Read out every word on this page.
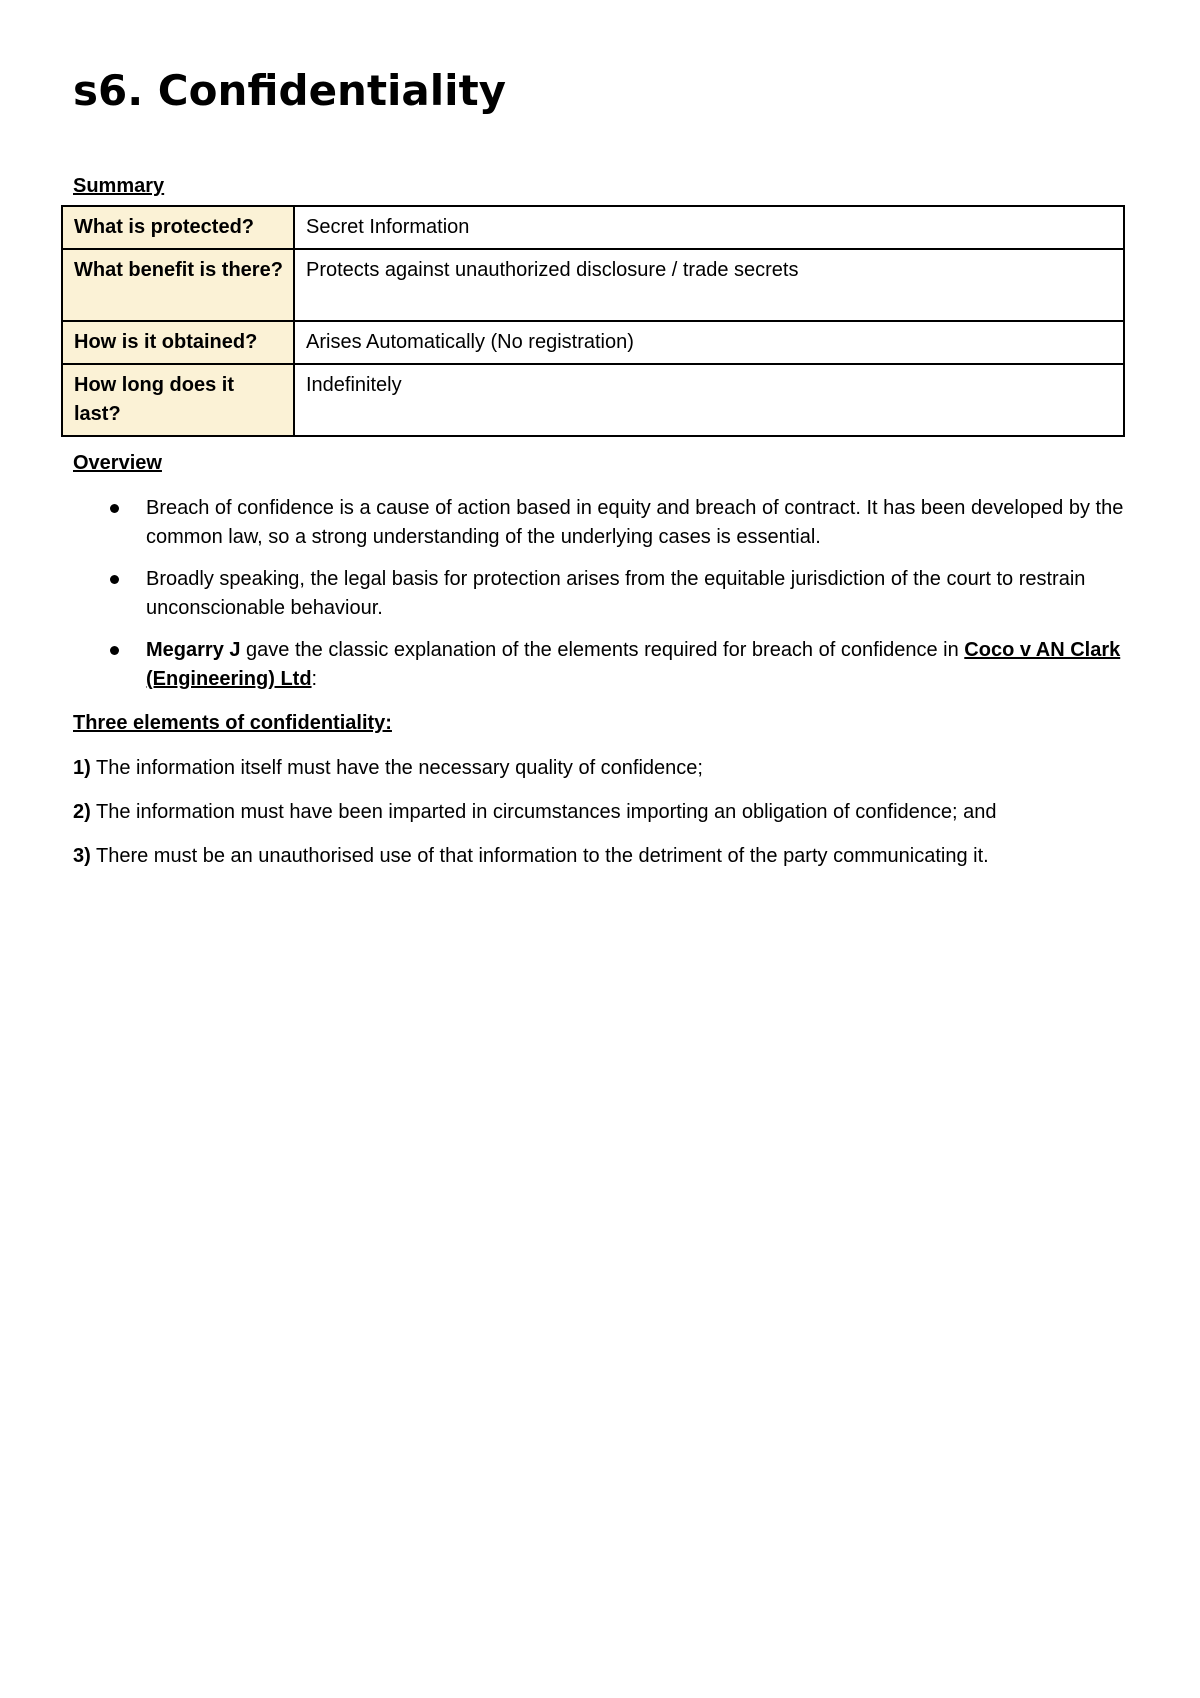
s6. Confidentiality

Summary

What is protected?	Secret Information
What benefit is there?	Protects against unauthorized disclosure / trade secrets
How is it obtained?	Arises Automatically (No registration)
How long does it last?	Indefinitely

Overview

Breach of confidence is a cause of action based in equity and breach of contract. It has been developed by the common law, so a strong understanding of the underlying cases is essential.
Broadly speaking, the legal basis for protection arises from the equitable jurisdiction of the court to restrain unconscionable behaviour.
Megarry J gave the classic explanation of the elements required for breach of confidence in Coco v AN Clark (Engineering) Ltd:

Three elements of confidentiality:

1) The information itself must have the necessary quality of confidence;

2) The information must have been imparted in circumstances importing an obligation of confidence; and

3) There must be an unauthorised use of that information to the detriment of the party communicating it.
